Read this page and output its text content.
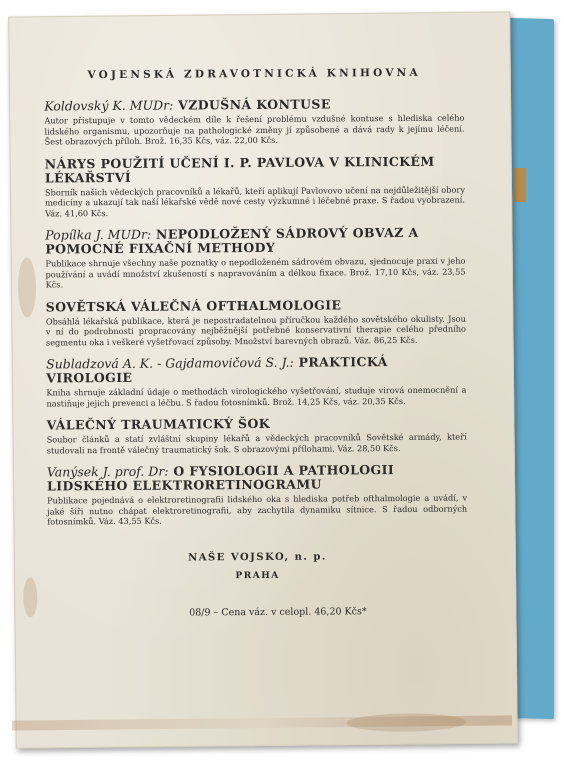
VOJENSKÁ ZDRAVOTNICKÁ KNIHOVNA
Koldovský K. MUDr: VZDUŠNÁ KONTUSE
Autor přistupuje v tomto vědeckém díle k řešení problému vzdušné kontuse s hlediska celého lidského organismu, upozorňuje na pathologické změny jí způsobené a dává rady k jejímu léčení. Šest obrazových příloh. Brož. 16,35 Kčs, váz. 22,00 Kčs.
NÁRYS POUŽITÍ UČENÍ I. P. PAVLOVA V KLINICKÉM LÉKAŘSTVÍ
Sborník našich vědeckých pracovníků a lékařů, kteří aplikují Pavlovovo učení na nejdůležitější obory medicíny a ukazují tak naší lékařské vědě nové cesty výzkumné i léčebné praxe. S řadou vyobrazení. Váz. 41,60 Kčs.
Popílka J. MUDr: NEPODLOŽENÝ SÁDROVÝ OBVAZ A POMOCNÉ FIXAČNÍ METHODY
Publikace shrnuje všechny naše poznatky o nepodloženém sádrovém obvazu, sjednocuje praxi v jeho používání a uvádí množství zkušeností s napravováním a délkou fixace. Brož. 17,10 Kčs, váz. 23,55 Kčs.
SOVĚTSKÁ VÁLEČNÁ OFTHALMOLOGIE
Obsáhlá lékařská publikace, která je nepostradatelnou příručkou každého sovětského okulisty. Jsou v ní do podrobnosti propracovány nejběžnější potřebné konservativní therapie celého předního segmentu oka i veškeré vyšetřovací způsoby. Množství barevných obrazů. Váz. 86,25 Kčs.
Subladzová A. K. - Gajdamovičová S. J.: PRAKTICKÁ VIROLOGIE
Kniha shrnuje základní údaje o methodách virologického vyšetřování, studuje virová onemocnění a nastiňuje jejich prevenci a léčbu. S řadou fotosnímků. Brož. 14,25 Kčs, váz. 20,35 Kčs.
VÁLEČNÝ TRAUMATICKÝ ŠOK
Soubor článků a statí zvláštní skupiny lékařů a vědeckých pracovníků Sovětské armády, kteří studovali na frontě válečný traumatický šok. S obrazovými přílohami. Váz. 28,50 Kčs.
Vanýsek J. prof. Dr: O FYSIOLOGII A PATHOLOGII LIDSKÉHO ELEKTRORETINOGRAMU
Publikace pojednává o elektroretinografii lidského oka s hlediska potřeb ofthalmologie a uvádí, v jaké šíři nutno chápat elektroretinografii, aby zachytila dynamiku sítnice. S řadou odborných fotosnímků. Váz. 43,55 Kčs.
NAŠE VOJSKO, n. p.
PRAHA
08/9 – Cena váz. v celopl. 46,20 Kčs*
